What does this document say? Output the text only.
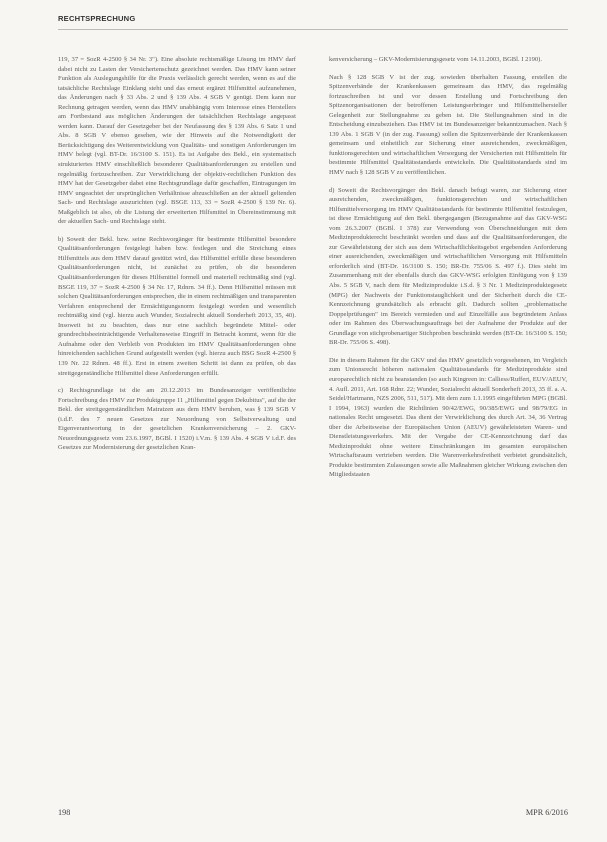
RECHTSPRECHUNG

119, 37 = SozR 4-2500 § 34 Nr. 3"). Eine absolute rechtsmäßige Lösung im HMV darf dabei nicht zu Lasten der Versichertenschutz gezeichnet werden. Das HMV kann seiner Funktion als Auslegungshilfe für die Praxis verlässlich gerecht werden, wenn es auf die tatsächliche Rechtslage Einklang steht und das erneut ergänzt Hilfsmittel aufzunehmen, das Änderungen nach § 33 Abs. 2 und § 139 Abs. 4 SGB V genügt. Dem kann nur Rechnung getragen werden, wenn das HMV unabhängig vom Interesse eines Herstellers am Fortbestand aus möglichen Änderungen der tatsächlichen Rechtslage angepasst werden kann. Darauf der Gesetzgeber bei der Neufassung des § 139 Abs. 6 Satz 1 und Abs. 8 SGB V ebenso gesehen, wie der Hinweis auf die Notwendigkeit der Berücksichtigung des Weiterentwicklung von Qualitäts- und sonstigen Anforderungen im HMV belegt (vgl. BT-Dr. 16/3100 S. 151). Es ist Aufgabe des Bekl., ein systematisch strukturiertes HMV einschließlich besonderer Qualitätsanforderungen zu erstellen und regelmäßig fortzuschreiben. Zur Verwirklichung der objektiv-rechtlichen Funktion des HMV hat der Gesetzgeber dabei eine Rechtsgrundlage dafür geschaffen, Eintragungen im HMV ungeachtet der ursprünglichen Verhältnisse abzuschließen an der aktuell geltenden Sach- und Rechtslage auszurichten (vgl. BSGE 113, 33 = SozR 4-2500 § 139 Nr. 6). Maßgeblich ist also, ob die Listung der erweiterten Hilfsmittel in Übereinstimmung mit der aktuellen Sach- und Rechtslage steht.

b) Soweit der Bekl. bzw. seine Rechtsvorgänger für bestimmte Hilfsmittel besondere Qualitätsanforderungen festgelegt haben bzw. festlegen und die Streichung eines Hilfsmittels aus dem HMV darauf gestützt wird, das Hilfsmittel erfülle diese besonderen Qualitätsanforderungen nicht, ist zunächst zu prüfen, ob die besonderen Qualitätsanforderungen für dieses Hilfsmittel formell und materiell rechtmäßig sind (vgl. BSGE 119, 37 = SozR 4-2500 § 34 Nr. 17, Rdnrn. 34 ff.). Denn Hilfsmittel müssen mit solchen Qualitätsanforderungen entsprechen, die in einem rechtmäßigen und transparenten Verfahren entsprechend der Ermächtigungsnorm festgelegt worden und wesentlich rechtmäßig sind (vgl. hierzu auch Wunder, Sozialrecht aktuell Sonderheft 2013, 35, 40). Insoweit ist zu beachten, dass nur eine sachlich begründete Mittel- oder grundrechtsbeeinträchtigende Verhaltensweise Eingriff in Betracht kommt, wenn für die Aufnahme oder den Verbleib von Produkten im HMV Qualitätsanforderungen ohne hinreichenden sachlichen Grund aufgestellt werden (vgl. hierzu auch BSG SozR 4-2500 § 139 Nr. 22 Rdnrn. 48 ff.). Erst in einem zweiten Schritt ist dann zu prüfen, ob das streitgegenständliche Hilfsmittel diese Anforderungen erfüllt.

c) Rechtsgrundlage ist die am 20.12.2013 im Bundesanzeiger veröffentlichte Fortschreibung des HMV zur Produktgruppe 11 „Hilfsmittel gegen Dekubitus", auf die der Bekl. der streitgegenständlichen Matratzen aus dem HMV beruhen, was § 139 SGB V (i.d.F. des 7 neuen Gesetzes zur Neuordnung von Selbstverwaltung und Eigenverantwortung in der gesetzlichen Krankenversicherung – 2. GKV-Neuordnungsgesetz vom 23.6.1997, BGBl. I 1520) i.V.m. § 139 Abs. 4 SGB V i.d.F. des Gesetzes zur Modernisierung der gesetzlichen Kran-

kenversicherung – GKV-Modernisierungsgesetz vom 14.11.2003, BGBl. I 2190).

Nach § 128 SGB V ist der zug. sowieden überhalten Fassung, erstellen die Spitzenverbände der Krankenkassen gemeinsam das HMV, das regelmäßig fortzuschreiben ist und vor dessen Erstellung und Fortschreibung den Spitzenorganisationen der betroffenen Leistungserbringer und Hilfsmittelhersteller Gelegenheit zur Stellungnahme zu geben ist. Die Stellungnahmen sind in die Entscheidung einzubeziehen. Das HMV ist im Bundesanzeiger bekanntzumachen. Nach § 139 Abs. 1 SGB V (in der zug. Fassung) sollen die Spitzenverbände der Krankenkassen gemeinsam und einheitlich zur Sicherung einer ausreichenden, zweckmäßigen, funktionsgerechten und wirtschaftlichen Versorgung der Versicherten mit Hilfsmitteln für bestimmte Hilfsmittel Qualitätsstandards entwickeln. Die Qualitätsstandards sind im HMV nach § 128 SGB V zu veröffentlichen.

d) Soweit die Rechtsvorgänger des Bekl. danach befugt waren, zur Sicherung einer ausreichenden, zweckmäßigen, funktionsgerechten und wirtschaftlichen Hilfsmittelversorgung im HMV Qualitätsstandards für bestimmte Hilfsmittel festzulegen, ist diese Ermächtigung auf den Bekl. übergegangen (Bezugsnahme auf das GKV-WSG vom 26.3.2007 (BGBl. I 378) zur Verwendung von Überschneidungen mit dem Medizinprodukterecht beschränkt worden und dass auf die Qualitätsanforderungen, die zur Gewährleistung der sich aus dem Wirtschaftlichkeitsgebot ergebenden Anforderung einer ausreichenden, zweckmäßigen und wirtschaftlichen Versorgung mit Hilfsmitteln erforderlich sind (BT-Dr. 16/3100 S. 150; BR-Dr. 755/06 S. 497 f.). Dies steht im Zusammenhang mit der ebenfalls durch das GKV-WSG erfolgten Einfügung von § 139 Abs. 5 SGB V, nach dem für Medizinprodukte i.S.d. § 3 Nr. 1 Medizinproduktegesetz (MPG) der Nachweis der Funktionstauglichkeit und der Sicherheit durch die CE-Kennzeichnung grundsätzlich als erbracht gilt. Dadurch sollten „problematische Doppelprüfungen" im Bereich vermieden und auf Einzelfälle aus begründetem Anlass oder im Rahmen des Überwachungsauftrags bei der Aufnahme der Produkte auf der Grundlage von stichprobenartiger Stichproben beschränkt werden (BT-Dr. 16/3100 S. 150; BR-Dr. 755/06 S. 498).

Die in diesem Rahmen für die GKV und das HMV gesetzlich vorgesehenen, im Vergleich zum Unionsrecht höheren nationalen Qualitätsstandards für Medizinprodukte sind europarechtlich nicht zu beanstanden (so auch Kingreen in: Calliess/Ruffert, EUV/AEUV, 4. Aufl. 2011, Art. 168 Rdnr. 22; Wunder, Sozialrecht aktuell Sonderheft 2013, 35 ff. a. A. Seidel/Hartmann, NZS 2006, 511, 517). Mit dem zum 1.1.1995 eingeführten MPG (BGBl. I 1994, 1963) wurden die Richtlinien 90/42/EWG, 90/385/EWG und 98/79/EG in nationales Recht umgesetzt. Das dient der Verwirklichung des durch Art. 34, 36 Vertrag über die Arbeitsweise der Europäischen Union (AEUV) gewährleisteten Waren- und Dienstleistungsverkehrs. Mit der Vergabe der CE-Kennzeichnung darf das Medizinprodukt ohne weitere Einschränkungen im gesamten europäischen Wirtschaftsraum vertrieben werden. Die Warenverkehrsfreiheit verbietet grundsätzlich, Produkte bestimmten Zulassungen sowie alle Maßnahmen gleicher Wirkung zwischen den Mitgliedstaaten

198	MPR 6/2016
